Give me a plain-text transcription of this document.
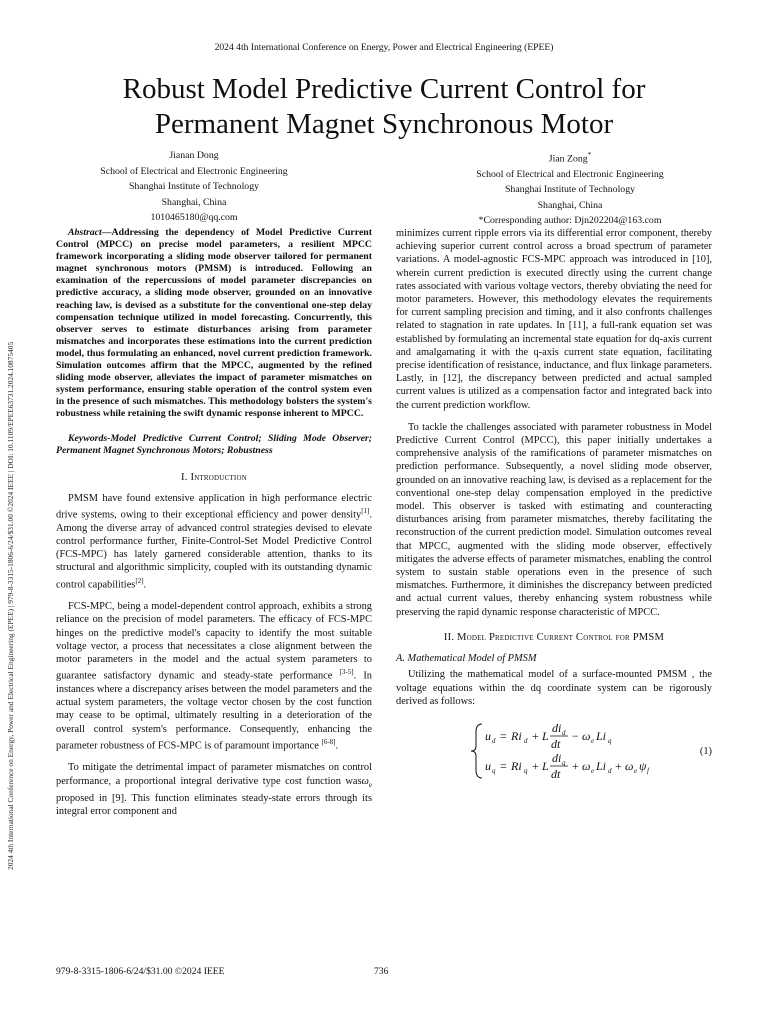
2024 4th International Conference on Energy, Power and Electrical Engineering (EPEE)
Robust Model Predictive Current Control for
Permanent Magnet Synchronous Motor
Jianan Dong
School of Electrical and Electronic Engineering
Shanghai Institute of Technology
Shanghai, China
1010465180@qq.com
Jian Zong*
School of Electrical and Electronic Engineering
Shanghai Institute of Technology
Shanghai, China
*Corresponding author: Djn202204@163.com
2024 4th International Conference on Energy, Power and Electrical Engineering (EPEE) | 979-8-3315-1806-6/24/$31.00 ©2024 IEEE | DOI: 10.1109/EPEE63731.2024.10875405
Abstract—Addressing the dependency of Model Predictive Current Control (MPCC) on precise model parameters, a resilient MPCC framework incorporating a sliding mode observer tailored for permanent magnet synchronous motors (PMSM) is introduced. Following an examination of the repercussions of model parameter discrepancies on predictive accuracy, a sliding mode observer, grounded on an innovative reaching law, is devised as a substitute for the conventional one-step delay compensation technique utilized in model forecasting. Concurrently, this observer serves to estimate disturbances arising from parameter mismatches and incorporates these estimations into the current prediction model, thus formulating an enhanced, novel current prediction framework. Simulation outcomes affirm that the MPCC, augmented by the refined sliding mode observer, alleviates the impact of parameter mismatches on system performance, ensuring stable operation of the control system even in the presence of such mismatches. This methodology bolsters the system's robustness while retaining the swift dynamic response inherent to MPCC.
Keywords-Model Predictive Current Control; Sliding Mode Observer; Permanent Magnet Synchronous Motors; Robustness
I. Introduction

PMSM have found extensive application in high performance electric drive systems, owing to their exceptional efficiency and power density[1]. Among the diverse array of advanced control strategies devised to elevate control performance further, Finite-Control-Set Model Predictive Control (FCS-MPC) has lately garnered considerable attention, thanks to its structural and algorithmic simplicity, coupled with its outstanding dynamic control capabilities[2].

FCS-MPC, being a model-dependent control approach, exhibits a strong reliance on the precision of model parameters. The efficacy of FCS-MPC hinges on the predictive model's capacity to identify the most suitable voltage vector, a process that necessitates a close alignment between the motor parameters in the model and the actual system parameters to guarantee satisfactory dynamic and steady-state performance [3-5]. In instances where a discrepancy arises between the model parameters and the actual system parameters, the voltage vector chosen by the cost function may cease to be optimal, ultimately resulting in a deterioration of the overall control system's performance. Consequently, enhancing the parameter robustness of FCS-MPC is of paramount importance [6-8].

To mitigate the detrimental impact of parameter mismatches on control performance, a proportional integral derivative type cost function wasω$_e$ proposed in [9]. This function eliminates steady-state errors through its integral error component and

minimizes current ripple errors via its differential error component, thereby achieving superior current control across a broad spectrum of parameter variations. A model-agnostic FCS-MPC approach was introduced in [10], wherein current prediction is executed directly using the current change rates associated with various voltage vectors, thereby obviating the need for motor parameters. However, this methodology elevates the requirements for current sampling precision and timing, and it also confronts challenges related to stagnation in rate updates. In [11], a full-rank equation set was established by formulating an incremental state equation for dq-axis current and amalgamating it with the q-axis current state equation, facilitating precise identification of resistance, inductance, and flux linkage parameters. Lastly, in [12], the discrepancy between predicted and actual sampled current values is utilized as a compensation factor and integrated back into the current prediction workflow.

To tackle the challenges associated with parameter robustness in Model Predictive Current Control (MPCC), this paper initially undertakes a comprehensive analysis of the ramifications of parameter mismatches on prediction performance. Subsequently, a novel sliding mode observer, grounded on an innovative reaching law, is devised as a replacement for the conventional one-step delay compensation employed in the predictive model. This observer is tasked with estimating and counteracting disturbances arising from parameter mismatches, thereby facilitating the reconstruction of the current prediction model. Simulation outcomes reveal that MPCC, augmented with the sliding mode observer, effectively mitigates the adverse effects of parameter mismatches, enabling the control system to sustain stable operations even in the presence of such mismatches. Furthermore, it diminishes the discrepancy between predicted and actual current values, thereby enhancing system robustness while preserving the rapid dynamic response characteristic of MPCC.

II. Model Predictive Current Control for PMSM
A. Mathematical Model of PMSM

Utilizing the mathematical model of a surface-mounted PMSM , the voltage equations within the dq coordinate system can be rigorously derived as follows:

u d = Ri d + L
di d
dt
− ω e Li q
u q = Ri q + L
di q
dt
+ ω e Li d + ω e ψ f
(1)
979-8-3315-1806-6/24/$31.00 ©2024 IEEE	736
